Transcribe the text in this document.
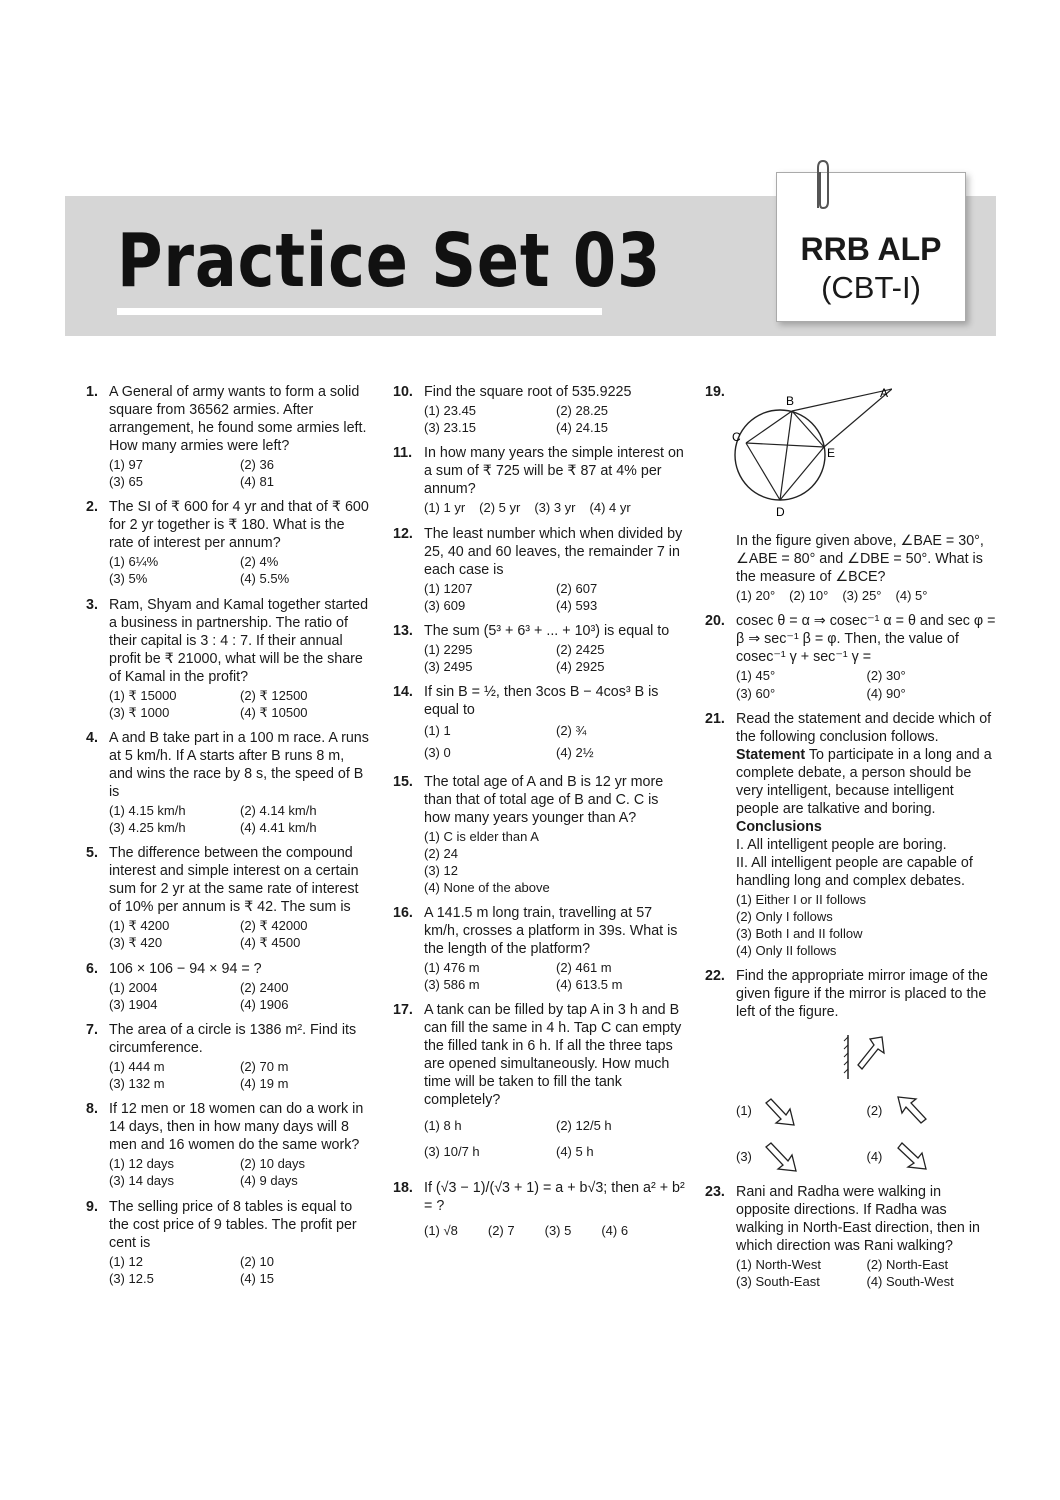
Practice Set 03	RRB ALP
(CBT-I)
1. A General of army wants to form a solid square from 36562 armies. After arrangement, he found some armies left. How many armies were left?
(1) 97	(2) 36
(3) 65	(4) 81
2. The SI of ₹ 600 for 4 yr and that of ₹ 600 for 2 yr together is ₹ 180. What is the rate of interest per annum?
(1) 6¼%	(2) 4%
(3) 5%	(4) 5.5%
3. Ram, Shyam and Kamal together started a business in partnership. The ratio of their capital is 3 : 4 : 7. If their annual profit be ₹ 21000, what will be the share of Kamal in the profit?
(1) ₹ 15000	(2) ₹ 12500
(3) ₹ 1000	(4) ₹ 10500
4. A and B take part in a 100 m race. A runs at 5 km/h. If A starts after B runs 8 m, and wins the race by 8 s, the speed of B is
(1) 4.15 km/h	(2) 4.14 km/h
(3) 4.25 km/h	(4) 4.41 km/h
5. The difference between the compound interest and simple interest on a certain sum for 2 yr at the same rate of interest of 10% per annum is ₹ 42. The sum is
(1) ₹ 4200	(2) ₹ 42000
(3) ₹ 420	(4) ₹ 4500
6. 106 × 106 − 94 × 94 = ?
(1) 2004	(2) 2400
(3) 1904	(4) 1906
7. The area of a circle is 1386 m². Find its circumference.
(1) 444 m	(2) 70 m
(3) 132 m	(4) 19 m
8. If 12 men or 18 women can do a work in 14 days, then in how many days will 8 men and 16 women do the same work?
(1) 12 days	(2) 10 days
(3) 14 days	(4) 9 days
9. The selling price of 8 tables is equal to the cost price of 9 tables. The profit per cent is
(1) 12	(2) 10
(3) 12.5	(4) 15
10. Find the square root of 535.9225
(1) 23.45	(2) 28.25
(3) 23.15	(4) 24.15
11. In how many years the simple interest on a sum of ₹ 725 will be ₹ 87 at 4% per annum?
(1) 1 yr (2) 5 yr (3) 3 yr (4) 4 yr
12. The least number which when divided by 25, 40 and 60 leaves, the remainder 7 in each case is
(1) 1207	(2) 607
(3) 609	(4) 593
13. The sum (5³ + 6³ + ... + 10³) is equal to
(1) 2295	(2) 2425
(3) 2495	(4) 2925
14. If sin B = ½, then 3cos B − 4cos³ B is equal to
(1) 1	(2) ¾
(3) 0	(4) 2½
15. The total age of A and B is 12 yr more than that of total age of B and C. C is how many years younger than A?
(1) C is elder than A
(2) 24
(3) 12
(4) None of the above
16. A 141.5 m long train, travelling at 57 km/h, crosses a platform in 39s. What is the length of the platform?
(1) 476 m	(2) 461 m
(3) 586 m	(4) 613.5 m
17. A tank can be filled by tap A in 3 h and B can fill the same in 4 h. Tap C can empty the filled tank in 6 h. If all the three taps are opened simultaneously. How much time will be taken to fill the tank completely?
(1) 8 h	(2) 12/5 h
(3) 10/7 h	(4) 5 h
18. If (√3 − 1)/(√3 + 1) = a + b√3; then a² + b² = ?
(1) √8 (2) 7 (3) 5 (4) 6
19.	A
B
C
D
E
In the figure given above, ∠BAE = 30°, ∠ABE = 80° and ∠DBE = 50°. What is the measure of ∠BCE?
(1) 20° (2) 10° (3) 25° (4) 5°
20. cosec θ = α ⇒ cosec⁻¹ α = θ and sec φ = β ⇒ sec⁻¹ β = φ. Then, the value of cosec⁻¹ γ + sec⁻¹ γ =
(1) 45°	(2) 30°
(3) 60°	(4) 90°
21. Read the statement and decide which of the following conclusion follows.
Statement To participate in a long and a complete debate, a person should be very intelligent, because intelligent people are talkative and boring.
Conclusions
I. All intelligent people are boring.
II. All intelligent people are capable of handling long and complex debates.
(1) Either I or II follows
(2) Only I follows
(3) Both I and II follow
(4) Only II follows
22. Find the appropriate mirror image of the given figure if the mirror is placed to the left of the figure.
(1)	(2)
(3)	(4)
23. Rani and Radha were walking in opposite directions. If Radha was walking in North-East direction, then in which direction was Rani walking?
(1) North-West	(2) North-East
(3) South-East	(4) South-West
